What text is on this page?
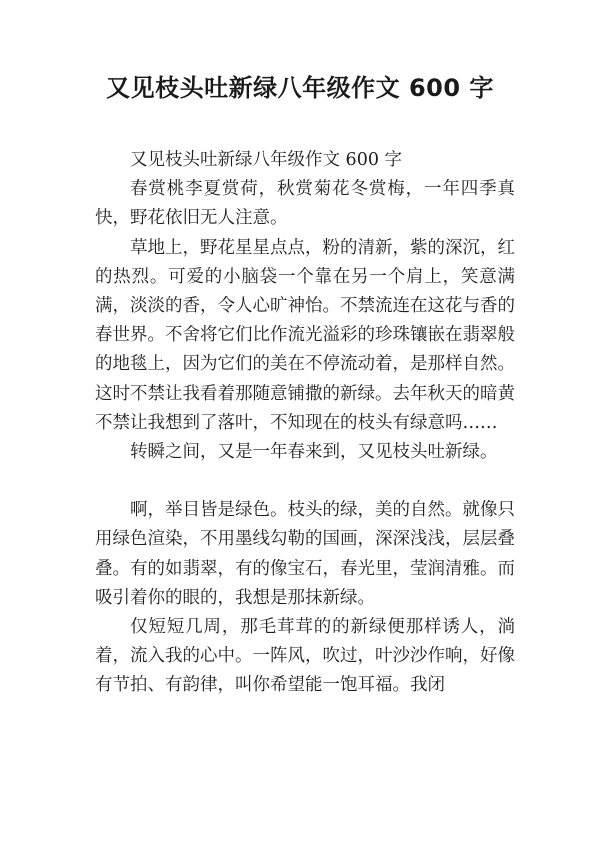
又见枝头吐新绿八年级作文 600 字

又见枝头吐新绿八年级作文 600 字

春赏桃李夏赏荷，秋赏菊花冬赏梅，一年四季真快，野花依旧无人注意。

草地上，野花星星点点，粉的清新，紫的深沉，红的热烈。可爱的小脑袋一个靠在另一个肩上，笑意满满，淡淡的香，令人心旷神怡。不禁流连在这花与香的春世界。不舍将它们比作流光溢彩的珍珠镶嵌在翡翠般的地毯上，因为它们的美在不停流动着，是那样自然。这时不禁让我看着那随意铺撒的新绿。去年秋天的暗黄不禁让我想到了落叶，不知现在的枝头有绿意吗……

转瞬之间，又是一年春来到，又见枝头吐新绿。

啊，举目皆是绿色。枝头的绿，美的自然。就像只用绿色渲染，不用墨线勾勒的国画，深深浅浅，层层叠叠。有的如翡翠，有的像宝石，春光里，莹润清雅。而吸引着你的眼的，我想是那抹新绿。

仅短短几周，那毛茸茸的的新绿便那样诱人，淌着，流入我的心中。一阵风，吹过，叶沙沙作响，好像有节拍、有韵律，叫你希望能一饱耳福。我闭
